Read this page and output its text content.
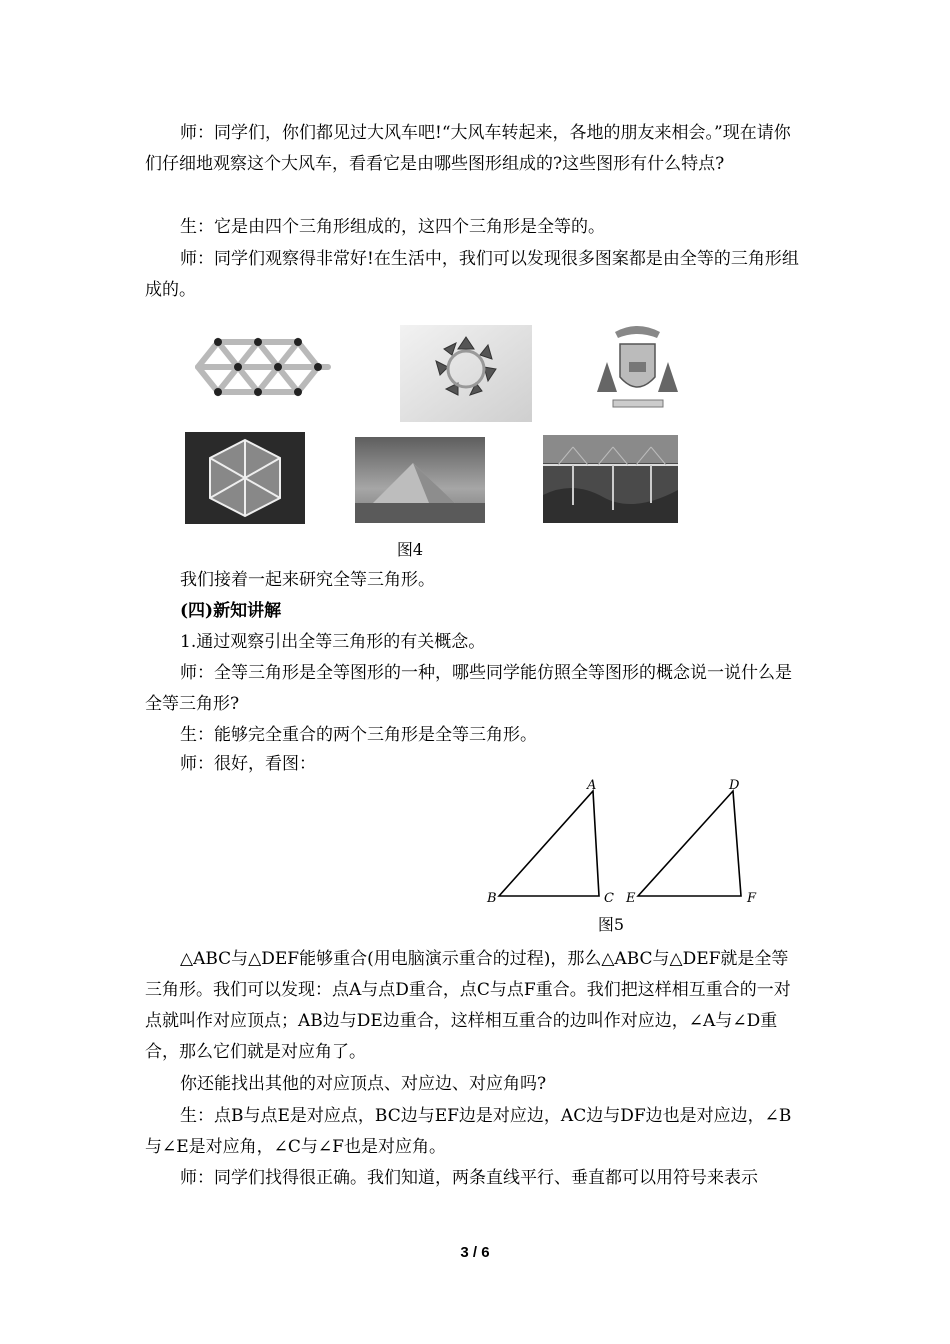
师：同学们，你们都见过大风车吧!“大风车转起来，各地的朋友来相会。”现在请你们仔细地观察这个大风车，看看它是由哪些图形组成的?这些图形有什么特点?

生：它是由四个三角形组成的，这四个三角形是全等的。

师：同学们观察得非常好!在生活中，我们可以发现很多图案都是由全等的三角形组成的。

图4

我们接着一起来研究全等三角形。

(四)新知讲解

1.通过观察引出全等三角形的有关概念。

师：全等三角形是全等图形的一种，哪些同学能仿照全等图形的概念说一说什么是全等三角形?

生：能够完全重合的两个三角形是全等三角形。

师：很好，看图：

A
B	C
D
E	F
图5

△ABC与△DEF能够重合(用电脑演示重合的过程)，那么△ABC与△DEF就是全等三角形。我们可以发现：点A与点D重合，点C与点F重合。我们把这样相互重合的一对点就叫作对应顶点；AB边与DE边重合，这样相互重合的边叫作对应边，∠A与∠D重合，那么它们就是对应角了。

你还能找出其他的对应顶点、对应边、对应角吗?

生：点B与点E是对应点，BC边与EF边是对应边，AC边与DF边也是对应边，∠B与∠E是对应角，∠C与∠F也是对应角。

师：同学们找得很正确。我们知道，两条直线平行、垂直都可以用符号来表示

3 / 6
